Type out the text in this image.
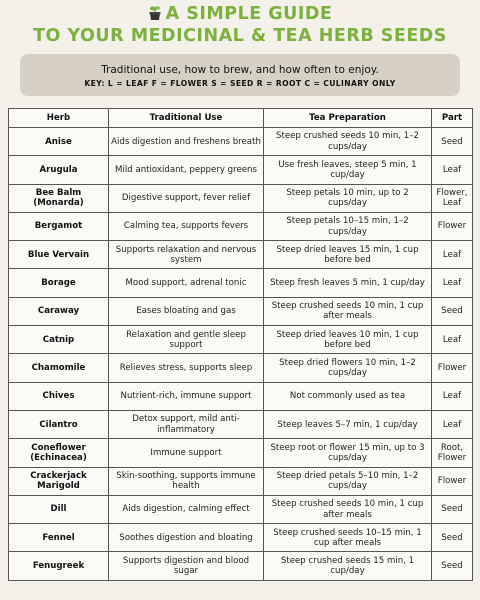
A SIMPLE GUIDE
TO YOUR MEDICINAL & TEA HERB SEEDS
Traditional use, how to brew, and how often to enjoy.
KEY: L = LEAF F = FLOWER S = SEED R = ROOT C = CULINARY ONLY
Herb	Traditional Use	Tea Preparation	Part
Anise	Aids digestion and freshens breath	Steep crushed seeds 10 min, 1–2 cups/day	Seed
Arugula	Mild antioxidant, peppery greens	Use fresh leaves, steep 5 min, 1 cup/day	Leaf
Bee Balm (Monarda)	Digestive support, fever relief	Steep petals 10 min, up to 2 cups/day	Flower, Leaf
Bergamot	Calming tea, supports fevers	Steep petals 10–15 min, 1–2 cups/day	Flower
Blue Vervain	Supports relaxation and nervous system	Steep dried leaves 15 min, 1 cup before bed	Leaf
Borage	Mood support, adrenal tonic	Steep fresh leaves 5 min, 1 cup/day	Leaf
Caraway	Eases bloating and gas	Steep crushed seeds 10 min, 1 cup after meals	Seed
Catnip	Relaxation and gentle sleep support	Steep dried leaves 10 min, 1 cup before bed	Leaf
Chamomile	Relieves stress, supports sleep	Steep dried flowers 10 min, 1–2 cups/day	Flower
Chives	Nutrient-rich, immune support	Not commonly used as tea	Leaf
Cilantro	Detox support, mild anti-inflammatory	Steep leaves 5–7 min, 1 cup/day	Leaf
Coneflower (Echinacea)	Immune support	Steep root or flower 15 min, up to 3 cups/day	Root, Flower
Crackerjack Marigold	Skin-soothing, supports immune health	Steep dried petals 5–10 min, 1–2 cups/day	Flower
Dill	Aids digestion, calming effect	Steep crushed seeds 10 min, 1 cup after meals	Seed
Fennel	Soothes digestion and bloating	Steep crushed seeds 10–15 min, 1 cup after meals	Seed
Fenugreek	Supports digestion and blood sugar	Steep crushed seeds 15 min, 1 cup/day	Seed
